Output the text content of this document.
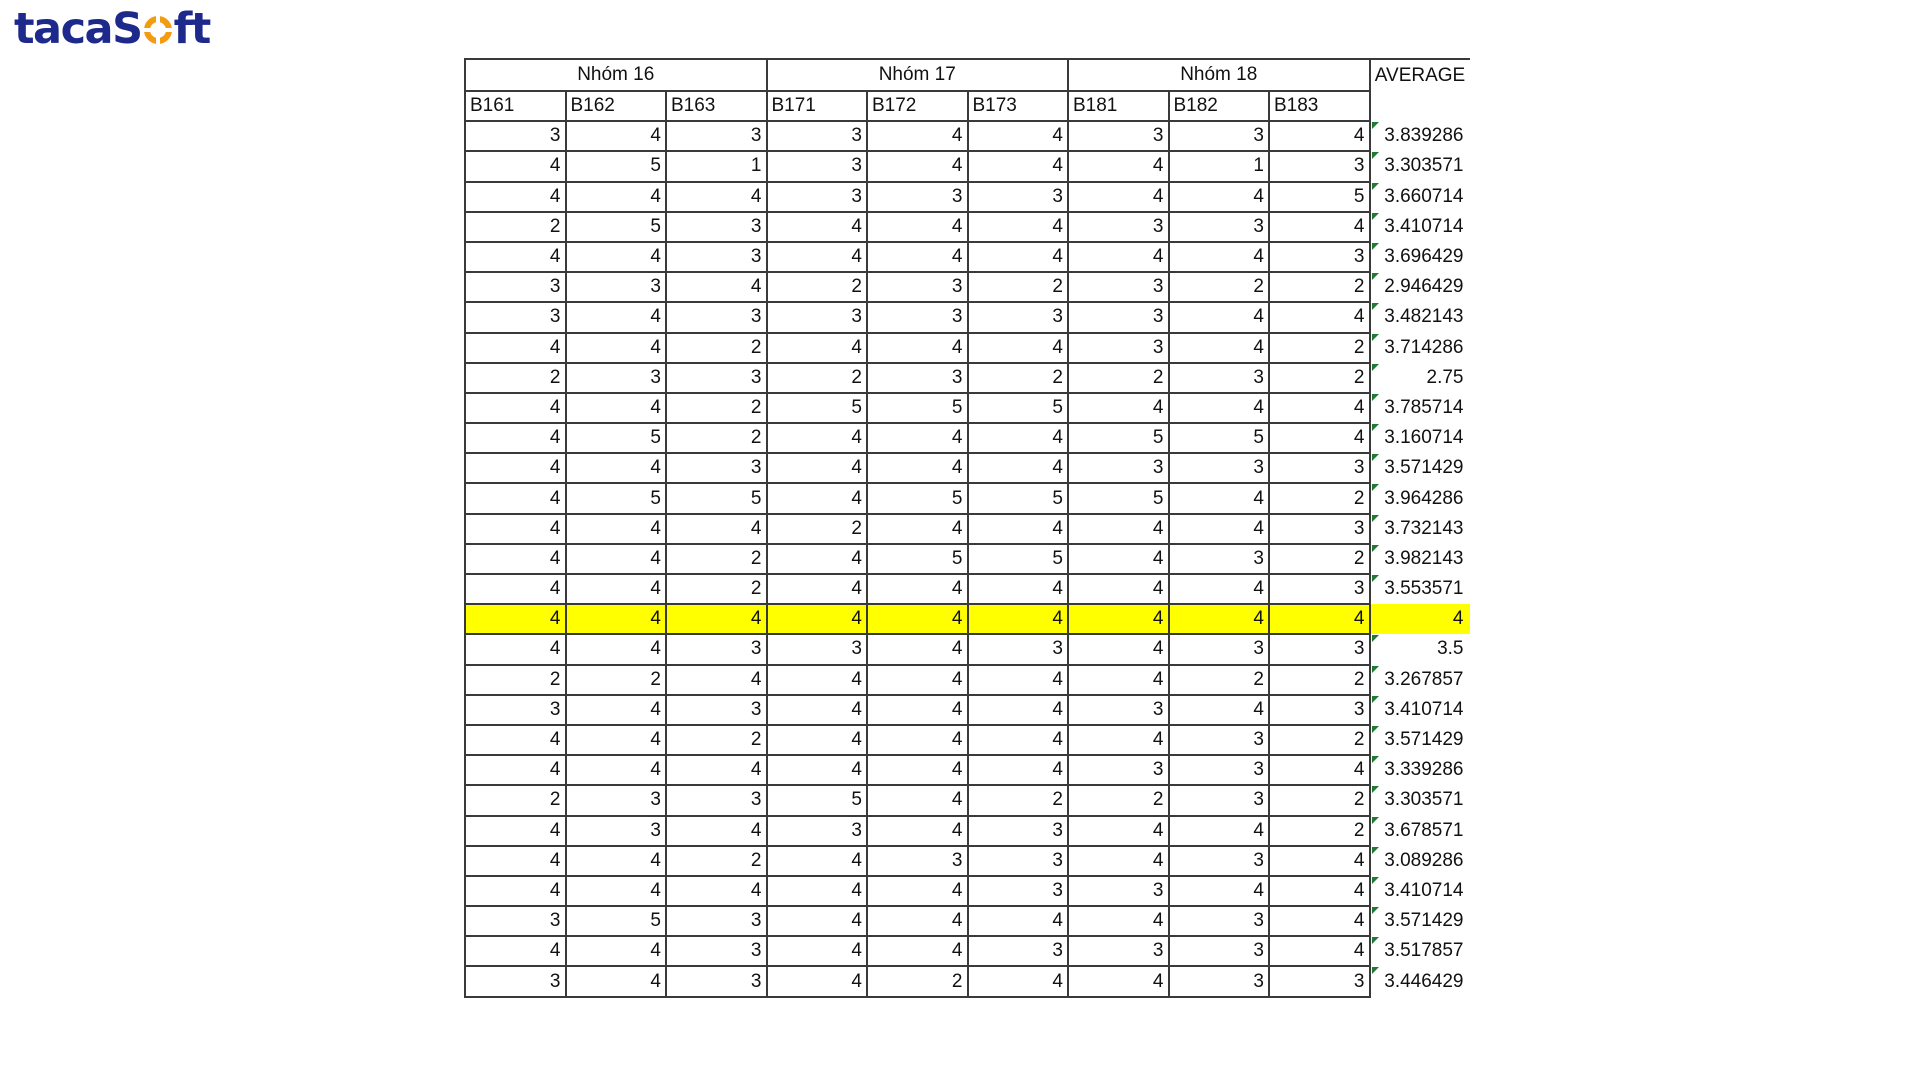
tacaS ft
Nhóm 16			Nhóm 17			Nhóm 18			AVERAGE
B161	B162	B163	B171	B172	B173	B181	B182	B183	
3	4	3	3	4	4	3	3	4	3.839286
4	5	1	3	4	4	4	1	3	3.303571
4	4	4	3	3	3	4	4	5	3.660714
2	5	3	4	4	4	3	3	4	3.410714
4	4	3	4	4	4	4	4	3	3.696429
3	3	4	2	3	2	3	2	2	2.946429
3	4	3	3	3	3	3	4	4	3.482143
4	4	2	4	4	4	3	4	2	3.714286
2	3	3	2	3	2	2	3	2	2.75
4	4	2	5	5	5	4	4	4	3.785714
4	5	2	4	4	4	5	5	4	3.160714
4	4	3	4	4	4	3	3	3	3.571429
4	5	5	4	5	5	5	4	2	3.964286
4	4	4	2	4	4	4	4	3	3.732143
4	4	2	4	5	5	4	3	2	3.982143
4	4	2	4	4	4	4	4	3	3.553571
4	4	4	4	4	4	4	4	4	4
4	4	3	3	4	3	4	3	3	3.5
2	2	4	4	4	4	4	2	2	3.267857
3	4	3	4	4	4	3	4	3	3.410714
4	4	2	4	4	4	4	3	2	3.571429
4	4	4	4	4	4	3	3	4	3.339286
2	3	3	5	4	2	2	3	2	3.303571
4	3	4	3	4	3	4	4	2	3.678571
4	4	2	4	3	3	4	3	4	3.089286
4	4	4	4	4	3	3	4	4	3.410714
3	5	3	4	4	4	4	3	4	3.571429
4	4	3	4	4	3	3	3	4	3.517857
3	4	3	4	2	4	4	3	3	3.446429
